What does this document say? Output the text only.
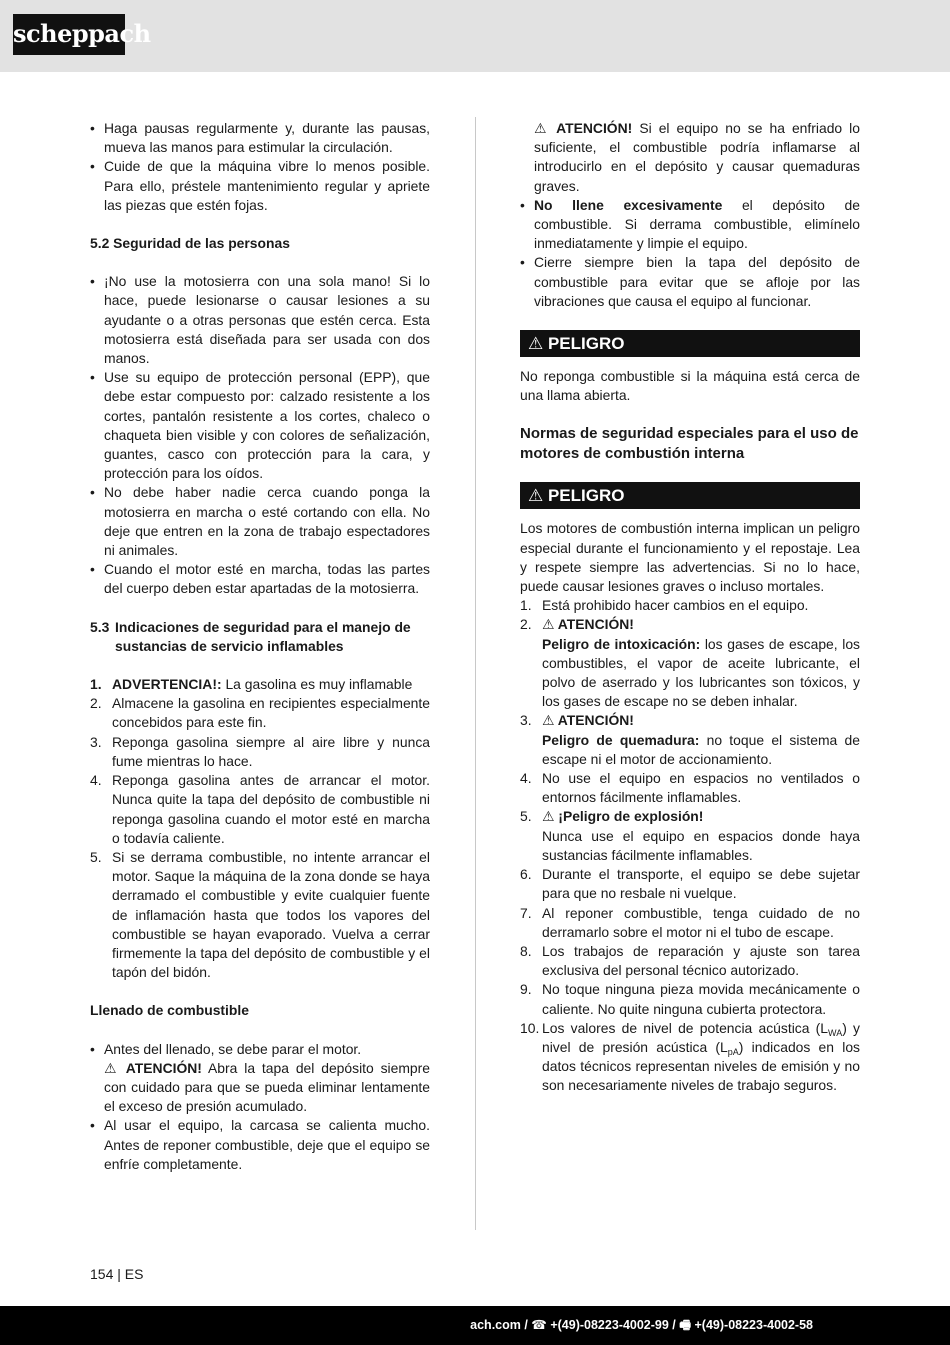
scheppach
• Haga pausas regularmente y, durante las pausas, mueva las manos para estimular la circulación.
• Cuide de que la máquina vibre lo menos posible. Para ello, préstele mantenimiento regular y apriete las piezas que estén fojas.
5.2 Seguridad de las personas
• ¡No use la motosierra con una sola mano! Si lo hace, puede lesionarse o causar lesiones a su ayudante o a otras personas que estén cerca. Esta motosierra está diseñada para ser usada con dos manos.
• Use su equipo de protección personal (EPP), que debe estar compuesto por: calzado resistente a los cortes, pantalón resistente a los cortes, chaleco o chaqueta bien visible y con colores de señalización, guantes, casco con protección para la cara, y protección para los oídos.
• No debe haber nadie cerca cuando ponga la motosierra en marcha o esté cortando con ella. No deje que entren en la zona de trabajo espectadores ni animales.
• Cuando el motor esté en marcha, todas las partes del cuerpo deben estar apartadas de la motosierra.
5.3 Indicaciones de seguridad para el manejo de sustancias de servicio inflamables
1. ADVERTENCIA!: La gasolina es muy inflamable
2. Almacene la gasolina en recipientes especialmente concebidos para este fin.
3. Reponga gasolina siempre al aire libre y nunca fume mientras lo hace.
4. Reponga gasolina antes de arrancar el motor. Nunca quite la tapa del depósito de combustible ni reponga gasolina cuando el motor esté en marcha o todavía caliente.
5. Si se derrama combustible, no intente arrancar el motor. Saque la máquina de la zona donde se haya derramado el combustible y evite cualquier fuente de inflamación hasta que todos los vapores del combustible se hayan evaporado. Vuelva a cerrar firmemente la tapa del depósito de combustible y el tapón del bidón.
Llenado de combustible
• Antes del llenado, se debe parar el motor.
⚠ ATENCIÓN! Abra la tapa del depósito siempre con cuidado para que se pueda eliminar lentamente el exceso de presión acumulado.
• Al usar el equipo, la carcasa se calienta mucho. Antes de reponer combustible, deje que el equipo se enfríe completamente.
⚠ ATENCIÓN! Si el equipo no se ha enfriado lo suficiente, el combustible podría inflamarse al introducirlo en el depósito y causar quemaduras graves.
• No llene excesivamente el depósito de combustible. Si derrama combustible, elimínelo inmediatamente y limpie el equipo.
• Cierre siempre bien la tapa del depósito de combustible para evitar que se afloje por las vibraciones que causa el equipo al funcionar.
⚠ PELIGRO

No reponga combustible si la máquina está cerca de una llama abierta.

Normas de seguridad especiales para el uso de motores de combustión interna
⚠ PELIGRO

Los motores de combustión interna implican un peligro especial durante el funcionamiento y el repostaje. Lea y respete siempre las advertencias. Si no lo hace, puede causar lesiones graves o incluso mortales.

1. Está prohibido hacer cambios en el equipo.
2. ⚠ ATENCIÓN!
Peligro de intoxicación: los gases de escape, los combustibles, el vapor de aceite lubricante, el polvo de aserrado y los lubricantes son tóxicos, y los gases de escape no se deben inhalar.
3. ⚠ ATENCIÓN!
Peligro de quemadura: no toque el sistema de escape ni el motor de accionamiento.
4. No use el equipo en espacios no ventilados o entornos fácilmente inflamables.
5. ⚠ ¡Peligro de explosión!
Nunca use el equipo en espacios donde haya sustancias fácilmente inflamables.
6. Durante el transporte, el equipo se debe sujetar para que no resbale ni vuelque.
7. Al reponer combustible, tenga cuidado de no derramarlo sobre el motor ni el tubo de escape.
8. Los trabajos de reparación y ajuste son tarea exclusiva del personal técnico autorizado.
9. No toque ninguna pieza movida mecánicamente o caliente. No quite ninguna cubierta protectora.
10. Los valores de nivel de potencia acústica $(L_{WA})$ y nivel de presión acústica $(L_{pA})$ indicados en los datos técnicos representan niveles de emisión y no son necesariamente niveles de trabajo seguros.
154 | ES
ach.com / ☎ +(49)-08223-4002-99 / 🖷 +(49)-08223-4002-58
